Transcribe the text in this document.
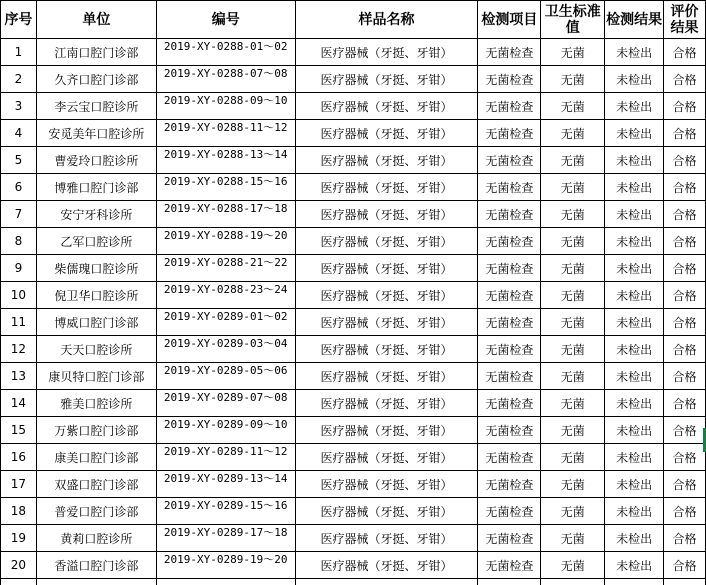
序号	单位	编号	样品名称	检测项目	卫生标准值	检测结果	评价结果
1	江南口腔门诊部	2019-XY-0288-01～02	医疗器械（牙挺、牙钳）	无菌检查	无菌	未检出	合格
2	久齐口腔门诊部	2019-XY-0288-07～08	医疗器械（牙挺、牙钳）	无菌检查	无菌	未检出	合格
3	李云宝口腔诊所	2019-XY-0288-09～10	医疗器械（牙挺、牙钳）	无菌检查	无菌	未检出	合格
4	安觅美年口腔诊所	2019-XY-0288-11～12	医疗器械（牙挺、牙钳）	无菌检查	无菌	未检出	合格
5	曹爱玲口腔诊所	2019-XY-0288-13～14	医疗器械（牙挺、牙钳）	无菌检查	无菌	未检出	合格
6	博雅口腔门诊部	2019-XY-0288-15～16	医疗器械（牙挺、牙钳）	无菌检查	无菌	未检出	合格
7	安宁牙科诊所	2019-XY-0288-17～18	医疗器械（牙挺、牙钳）	无菌检查	无菌	未检出	合格
8	乙军口腔诊所	2019-XY-0288-19～20	医疗器械（牙挺、牙钳）	无菌检查	无菌	未检出	合格
9	柴儒瑰口腔诊所	2019-XY-0288-21～22	医疗器械（牙挺、牙钳）	无菌检查	无菌	未检出	合格
10	倪卫华口腔诊所	2019-XY-0288-23～24	医疗器械（牙挺、牙钳）	无菌检查	无菌	未检出	合格
11	博威口腔门诊部	2019-XY-0289-01～02	医疗器械（牙挺、牙钳）	无菌检查	无菌	未检出	合格
12	天天口腔诊所	2019-XY-0289-03～04	医疗器械（牙挺、牙钳）	无菌检查	无菌	未检出	合格
13	康贝特口腔门诊部	2019-XY-0289-05～06	医疗器械（牙挺、牙钳）	无菌检查	无菌	未检出	合格
14	雅美口腔诊所	2019-XY-0289-07～08	医疗器械（牙挺、牙钳）	无菌检查	无菌	未检出	合格
15	万紫口腔门诊部	2019-XY-0289-09～10	医疗器械（牙挺、牙钳）	无菌检查	无菌	未检出	合格
16	康美口腔门诊部	2019-XY-0289-11～12	医疗器械（牙挺、牙钳）	无菌检查	无菌	未检出	合格
17	双盛口腔门诊部	2019-XY-0289-13～14	医疗器械（牙挺、牙钳）	无菌检查	无菌	未检出	合格
18	普爱口腔门诊部	2019-XY-0289-15～16	医疗器械（牙挺、牙钳）	无菌检查	无菌	未检出	合格
19	黄莉口腔诊所	2019-XY-0289-17～18	医疗器械（牙挺、牙钳）	无菌检查	无菌	未检出	合格
20	香溢口腔门诊部	2019-XY-0289-19～20	医疗器械（牙挺、牙钳）	无菌检查	无菌	未检出	合格
